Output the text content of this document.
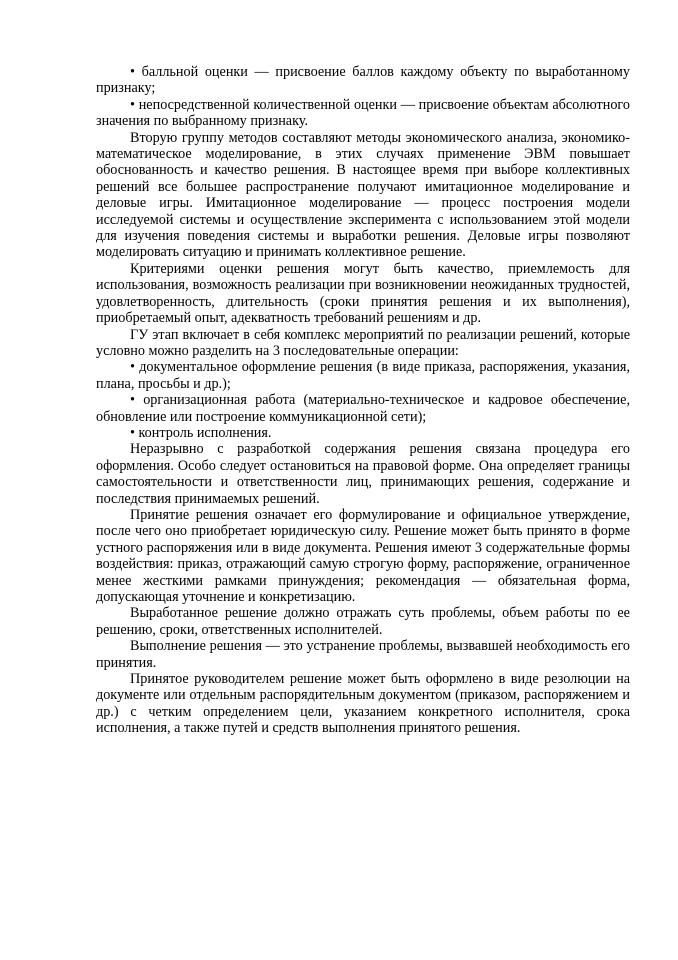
• балльной оценки — присвоение баллов каждому объекту по выработанному признаку;

• непосредственной количественной оценки — присвоение объектам абсолютного значения по выбранному признаку.

Вторую группу методов составляют методы экономического анализа, экономико-математическое моделирование, в этих случаях применение ЭВМ повышает обоснованность и качество решения. В настоящее время при выборе коллективных решений все большее распространение получают имитационное моделирование и деловые игры. Имитационное моделирование — процесс построения модели исследуемой системы и осуществление эксперимента с использованием этой модели для изучения поведения системы и выработки решения. Деловые игры позволяют моделировать ситуацию и принимать коллективное решение.

Критериями оценки решения могут быть качество, приемлемость для использования, возможность реализации при возникновении неожиданных трудностей, удовлетворенность, длительность (сроки принятия решения и их выполнения), приобретаемый опыт, адекватность требований решениям и др.

ГУ этап включает в себя комплекс мероприятий по реализации решений, которые условно можно разделить на 3 последовательные операции:

• документальное оформление решения (в виде приказа, распоряжения, указания, плана, просьбы и др.);

• организационная работа (материально-техническое и кадровое обеспечение, обновление или построение коммуникационной сети);

• контроль исполнения.

Неразрывно с разработкой содержания решения связана процедура его оформления. Особо следует остановиться на правовой форме. Она определяет границы самостоятельности и ответственности лиц, принимающих решения, содержание и последствия принимаемых решений.

Принятие решения означает его формулирование и официальное утверждение, после чего оно приобретает юридическую силу. Решение может быть принято в форме устного распоряжения или в виде документа. Решения имеют 3 содержательные формы воздействия: приказ, отражающий самую строгую форму, распоряжение, ограниченное менее жесткими рамками принуждения; рекомендация — обязательная форма, допускающая уточнение и конкретизацию.

Выработанное решение должно отражать суть проблемы, объем работы по ее решению, сроки, ответственных исполнителей.

Выполнение решения — это устранение проблемы, вызвавшей необходимость его принятия.

Принятое руководителем решение может быть оформлено в виде резолюции на документе или отдельным распорядительным документом (приказом, распоряжением и др.) с четким определением цели, указанием конкретного исполнителя, срока исполнения, а также путей и средств выполнения принятого решения.
